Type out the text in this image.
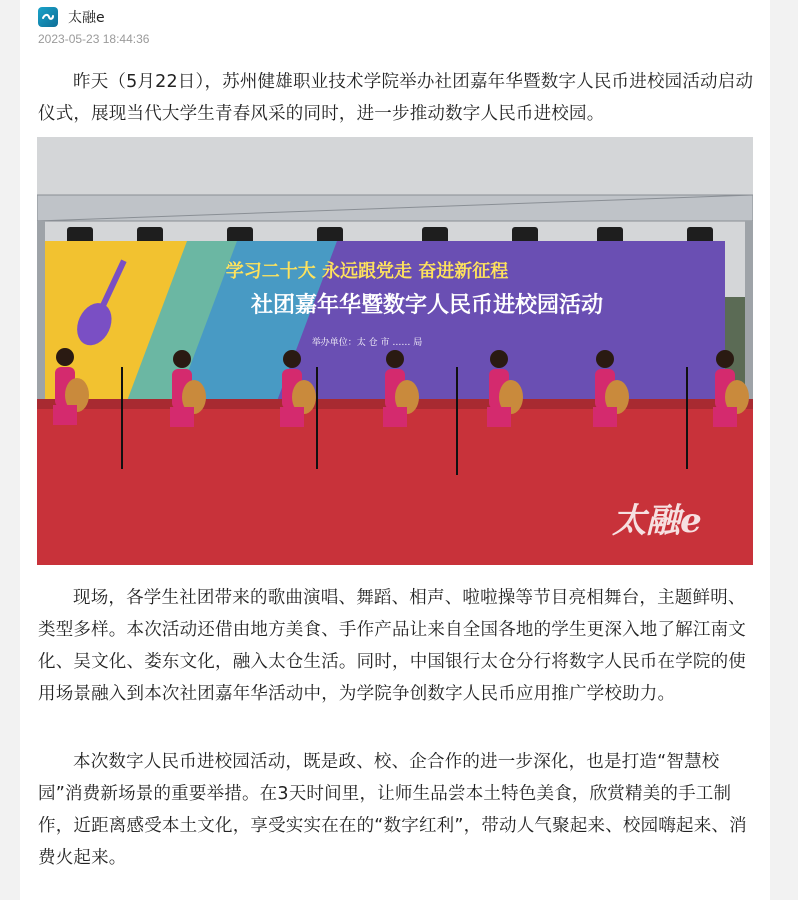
太融e
2023-05-23 18:44:36

昨天（5月22日），苏州健雄职业技术学院举办社团嘉年华暨数字人民币进校园活动启动仪式，展现当代大学生青春风采的同时，进一步推动数字人民币进校园。

学习二十大 永远跟党走 奋进新征程
社团嘉年华暨数字人民币进校园活动
举办单位：太 仓 市 …… 局
太融e

现场，各学生社团带来的歌曲演唱、舞蹈、相声、啦啦操等节目亮相舞台，主题鲜明、类型多样。本次活动还借由地方美食、手作产品让来自全国各地的学生更深入地了解江南文化、吴文化、娄东文化，融入太仓生活。同时，中国银行太仓分行将数字人民币在学院的使用场景融入到本次社团嘉年华活动中，为学院争创数字人民币应用推广学校助力。

本次数字人民币进校园活动，既是政、校、企合作的进一步深化，也是打造“智慧校园”消费新场景的重要举措。在3天时间里，让师生品尝本土特色美食，欣赏精美的手工制作，近距离感受本土文化，享受实实在在的“数字红利”，带动人气聚起来、校园嗨起来、消费火起来。
